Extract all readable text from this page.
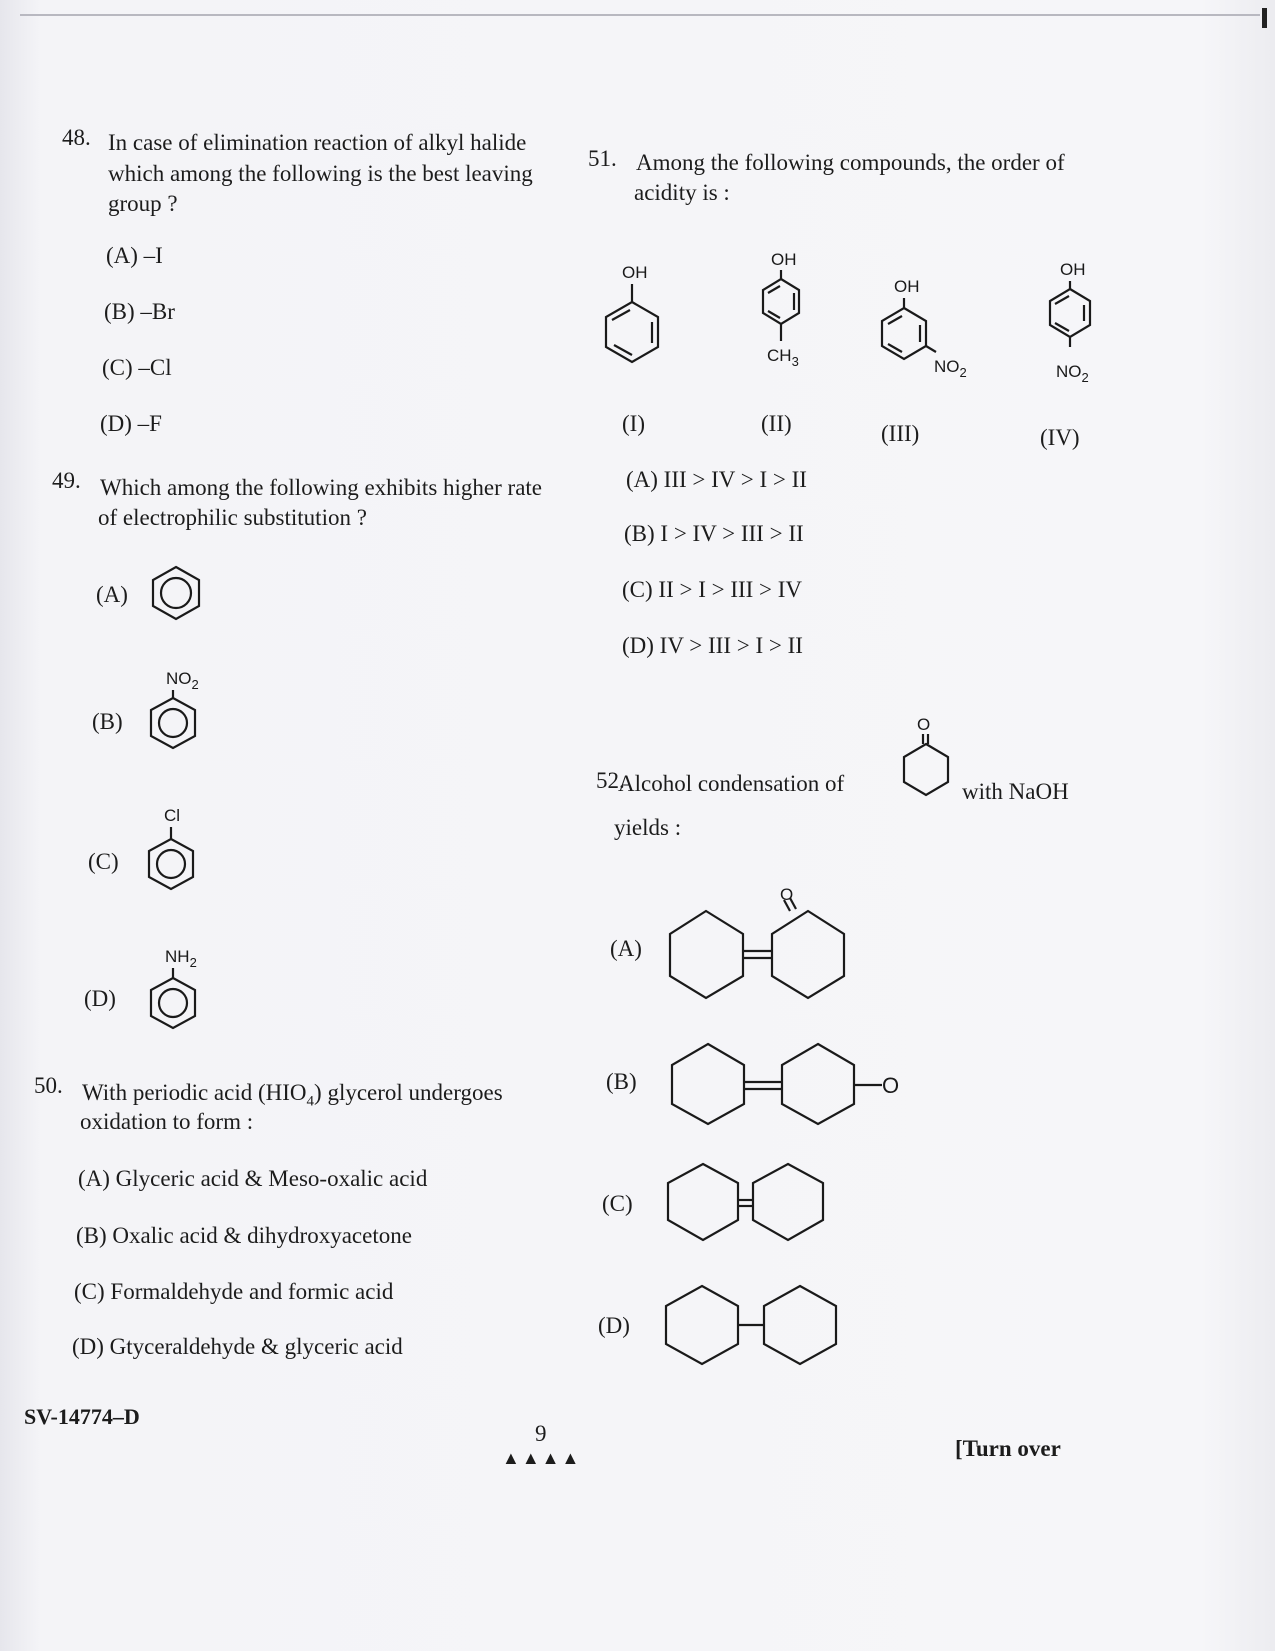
48. In case of elimination reaction of alkyl halide
which among the following is the best leaving
group ?
(A) –I
(B) –Br
(C) –Cl
(D) –F
49. Which among the following exhibits higher rate
of electrophilic substitution ?
(A)
(B)
$NO_2$
(C)
Cl
(D)
$NH_2$
50. With periodic acid $(HIO_4)$ glycerol undergoes
oxidation to form :
(A) Glyceric acid & Meso-oxalic acid
(B) Oxalic acid & dihydroxyacetone
(C) Formaldehyde and formic acid
(D) Gtyceraldehyde & glyceric acid
51. Among the following compounds, the order of
acidity is :
OH
(I)
OH
$CH_3$
(II)
OH
$NO_2$
(III)
OH
$NO_2$
(IV)
(A) III > IV > I > II
(B) I > IV > III > II
(C) II > I > III > IV
(D) IV > III > I > II
52.
Alcohol condensation of
O
with NaOH
yields :
(A)
O
(B)	O
(C)
(D)
SV-14774–D
9
▲▲▲▲	[Turn over
